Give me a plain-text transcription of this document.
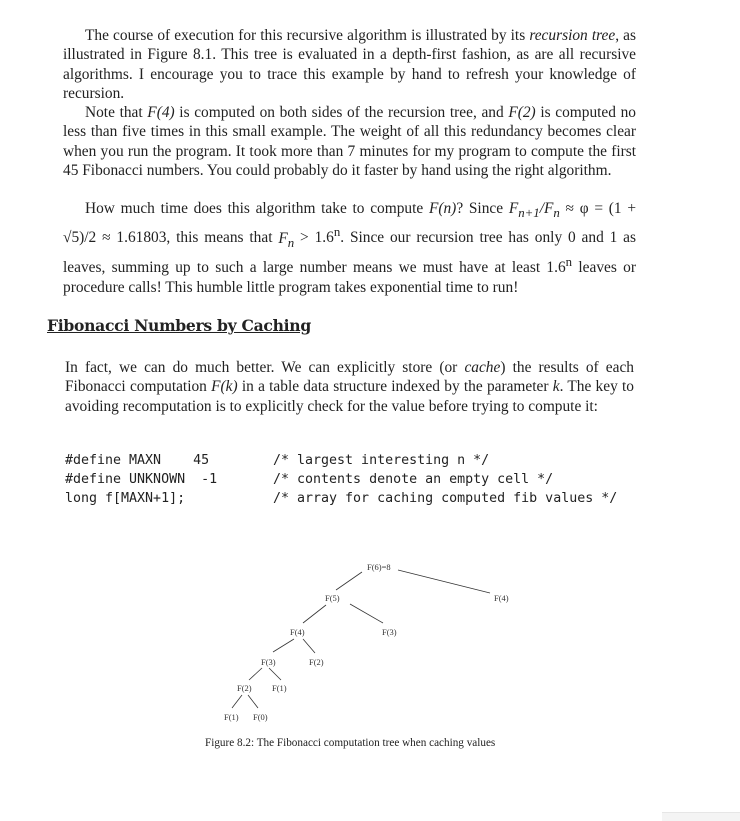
The course of execution for this recursive algorithm is illustrated by its recursion tree, as illustrated in Figure 8.1. This tree is evaluated in a depth-first fashion, as are all recursive algorithms. I encourage you to trace this example by hand to refresh your knowledge of recursion.

Note that F(4) is computed on both sides of the recursion tree, and F(2) is computed no less than five times in this small example. The weight of all this redundancy becomes clear when you run the program. It took more than 7 minutes for my program to compute the first 45 Fibonacci numbers. You could probably do it faster by hand using the right algorithm.

How much time does this algorithm take to compute F(n)? Since $F_{n+1}/F_n \approx \varphi = (1 + √5)/2 \approx 1.61803$, this means that $F_n > 1.6^n$. Since our recursion tree has only 0 and 1 as leaves, summing up to such a large number means we must have at least 1.6$^n$ leaves or procedure calls! This humble little program takes exponential time to run!

Fibonacci Numbers by Caching

In fact, we can do much better. We can explicitly store (or cache) the results of each Fibonacci computation F(k) in a table data structure indexed by the parameter k. The key to avoiding recomputation is to explicitly check for the value before trying to compute it:

#define MAXN    45
#define UNKNOWN  -1
long f[MAXN+1];
/* largest interesting n */
/* contents denote an empty cell */
/* array for caching computed fib values */
F(6)=8
F(5)	F(4)
F(4)	F(3)
F(3)	F(2)
F(2) F(1)
F(1) F(0)
Figure 8.2: The Fibonacci computation tree when caching values
